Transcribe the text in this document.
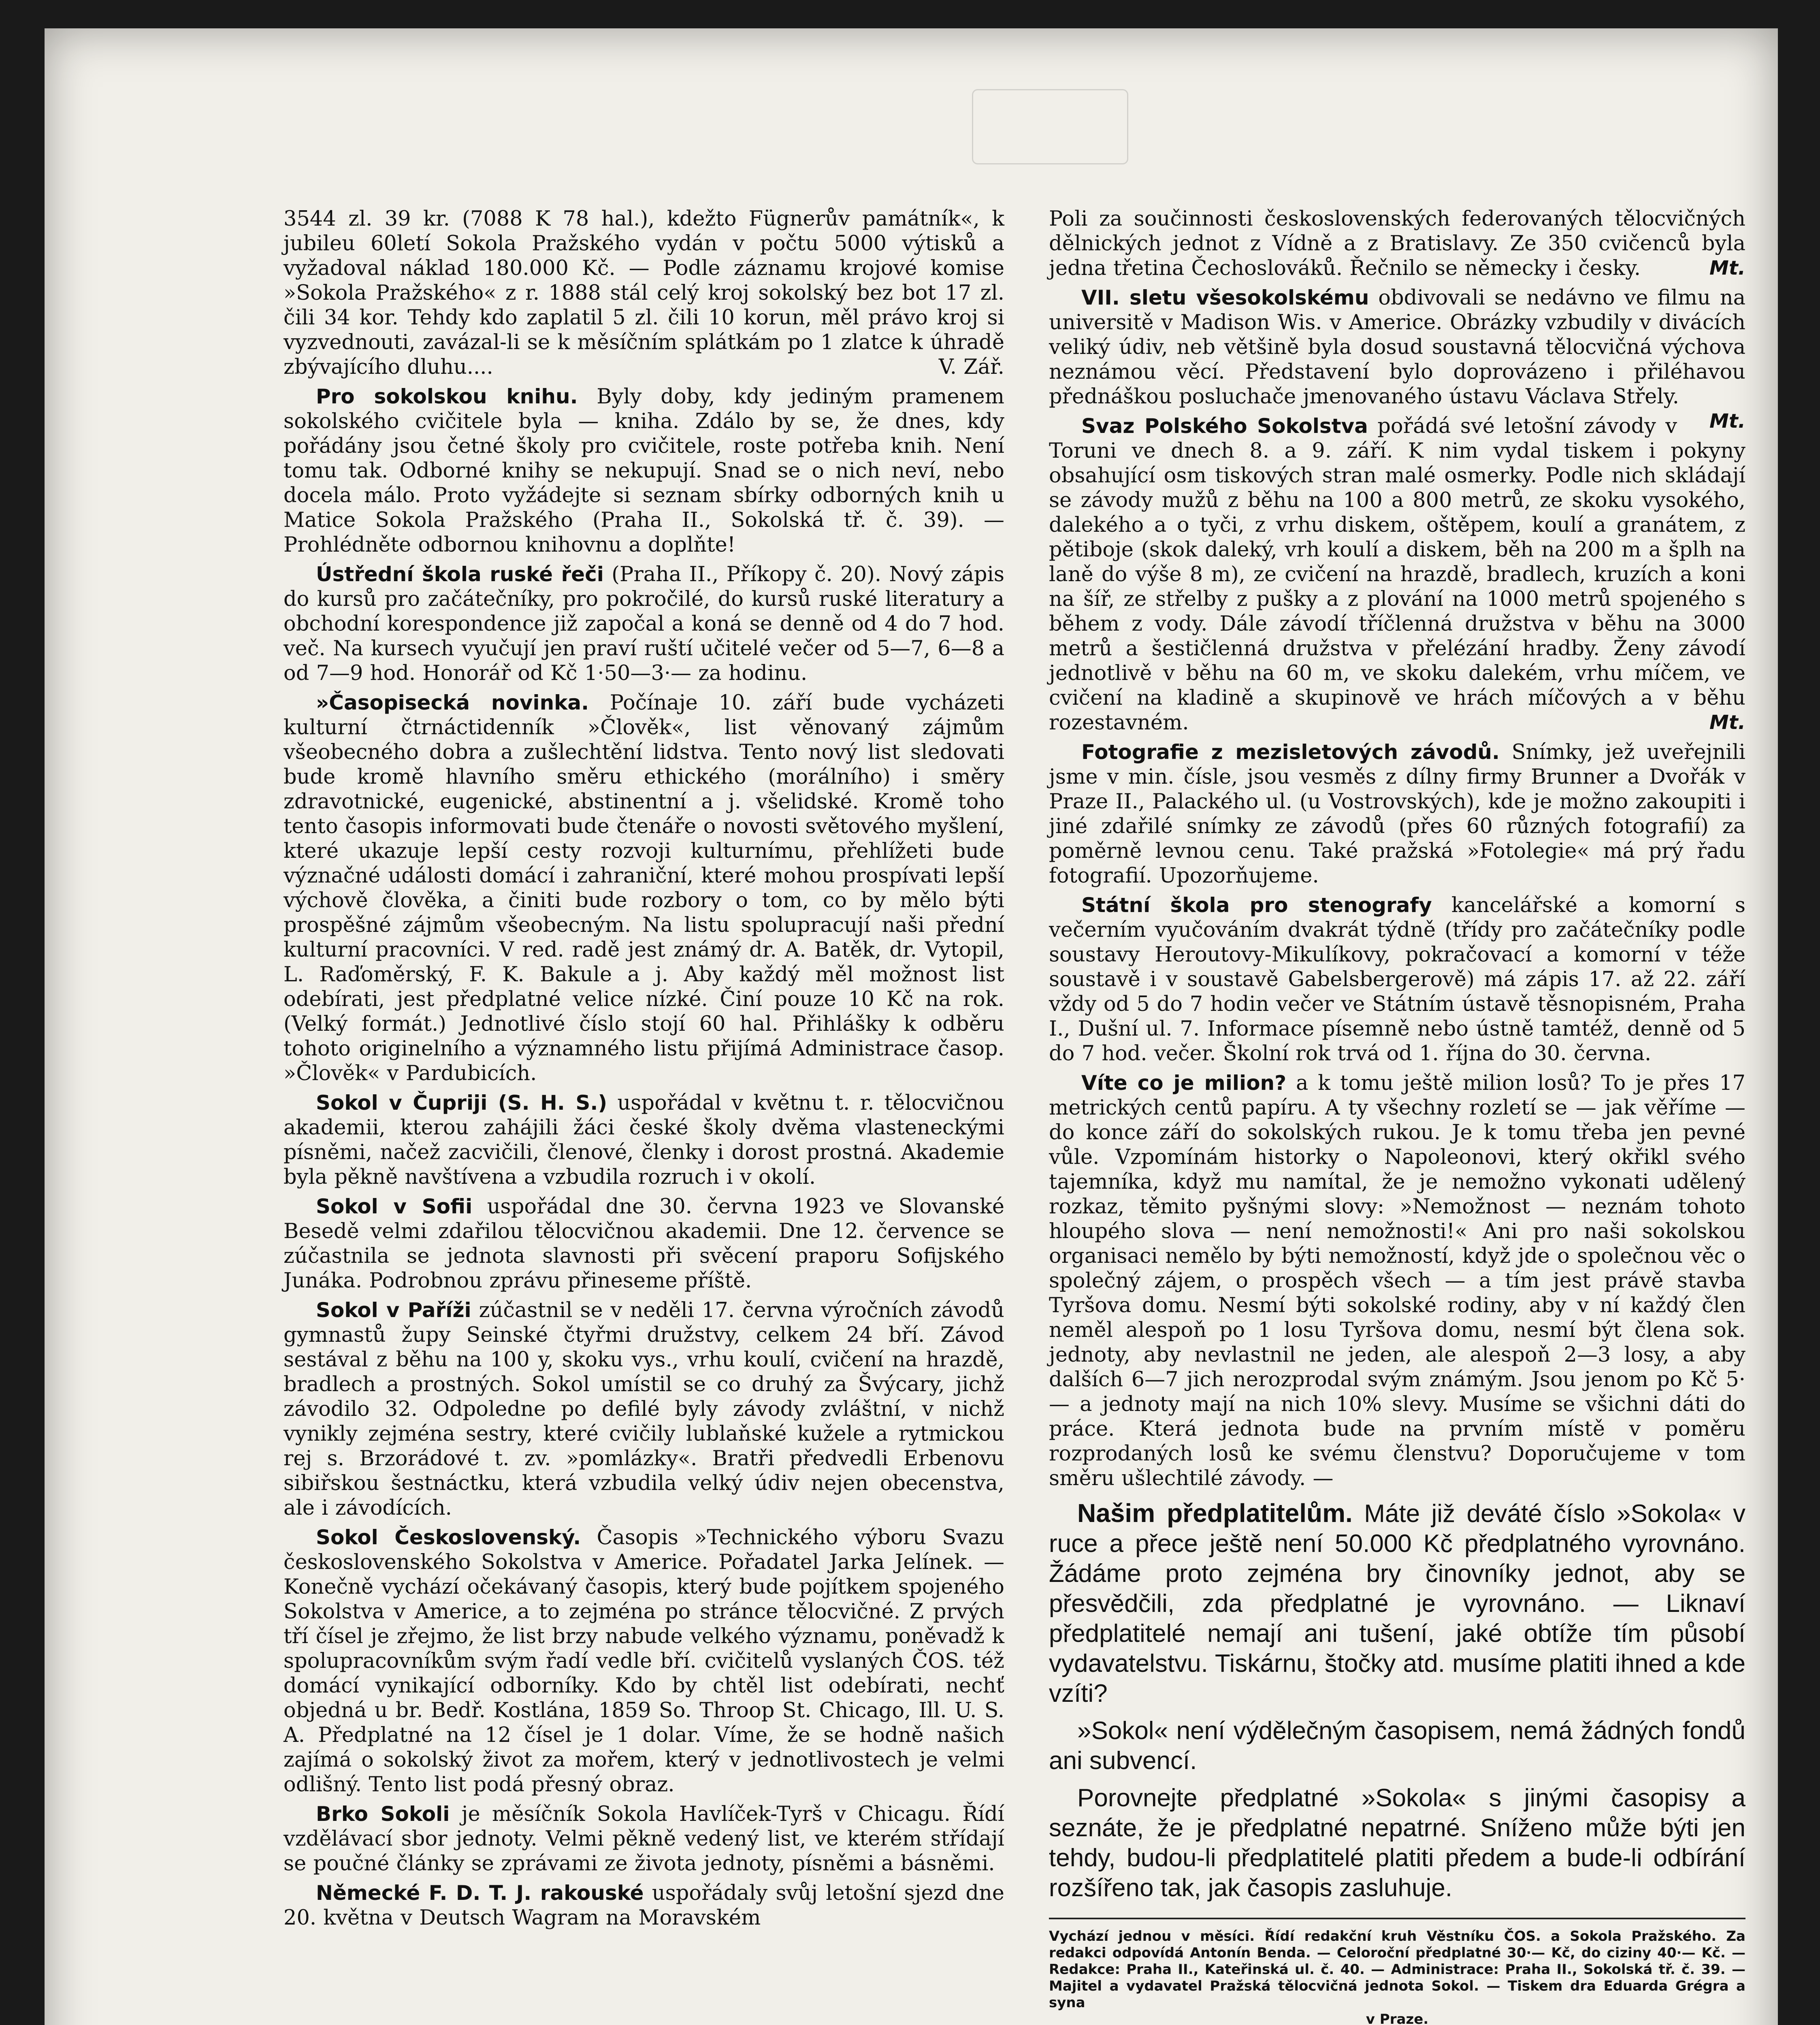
3544 zl. 39 kr. (7088 K 78 hal.), kdežto Fügnerův památník«, k jubileu 60letí Sokola Pražského vydán v počtu 5000 výtisků a vyžadoval náklad 180.000 Kč. — Podle záznamu krojové komise »Sokola Pražského« z r. 1888 stál celý kroj sokolský bez bot 17 zl. čili 34 kor. Tehdy kdo zaplatil 5 zl. čili 10 korun, měl právo kroj si vyzvednouti, zavázal-li se k měsíčním splátkám po 1 zlatce k úhradě zbývajícího dluhu....	V. Zář.

Pro sokolskou knihu. Byly doby, kdy jediným pramenem sokolského cvičitele byla — kniha. Zdálo by se, že dnes, kdy pořádány jsou četné školy pro cvičitele, roste potřeba knih. Není tomu tak. Odborné knihy se nekupují. Snad se o nich neví, nebo docela málo. Proto vyžádejte si seznam sbírky odborných knih u Matice Sokola Pražského (Praha II., Sokolská tř. č. 39). — Prohlédněte odbornou knihovnu a doplňte!

Ústřední škola ruské řeči (Praha II., Příkopy č. 20). Nový zápis do kursů pro začátečníky, pro pokročilé, do kursů ruské literatury a obchodní korespondence již započal a koná se denně od 4 do 7 hod. več. Na kursech vyučují jen praví ruští učitelé večer od 5—7, 6—8 a od 7—9 hod. Honorář od Kč 1·50—3·— za hodinu.

»Časopisecká novinka. Počínaje 10. září bude vycházeti kulturní čtrnáctidenník »Člověk«, list věnovaný zájmům všeobecného dobra a zušlechtění lidstva. Tento nový list sledovati bude kromě hlavního směru ethického (morálního) i směry zdravotnické, eugenické, abstinentní a j. všelidské. Kromě toho tento časopis informovati bude čtenáře o novosti světového myšlení, které ukazuje lepší cesty rozvoji kulturnímu, přehlížeti bude význačné události domácí i zahraniční, které mohou prospívati lepší výchově člověka, a činiti bude rozbory o tom, co by mělo býti prospěšné zájmům všeobecným. Na listu spolupracují naši přední kulturní pracovníci. V red. radě jest známý dr. A. Batěk, dr. Vytopil, L. Raďoměrský, F. K. Bakule a j. Aby každý měl možnost list odebírati, jest předplatné velice nízké. Činí pouze 10 Kč na rok. (Velký formát.) Jednotlivé číslo stojí 60 hal. Přihlášky k odběru tohoto originelního a významného listu přijímá Administrace časop. »Člověk« v Pardubicích.

Sokol v Čupriji (S. H. S.) uspořádal v květnu t. r. tělocvičnou akademii, kterou zahájili žáci české školy dvěma vlasteneckými písněmi, načež zacvičili, členové, členky i dorost prostná. Akademie byla pěkně navštívena a vzbudila rozruch i v okolí.

Sokol v Sofii uspořádal dne 30. června 1923 ve Slovanské Besedě velmi zdařilou tělocvičnou akademii. Dne 12. července se zúčastnila se jednota slavnosti při svěcení praporu Sofijského Junáka. Podrobnou zprávu přineseme příště.

Sokol v Paříži zúčastnil se v neděli 17. června výročních závodů gymnastů župy Seinské čtyřmi družstvy, celkem 24 bří. Závod sestával z běhu na 100 y, skoku vys., vrhu koulí, cvičení na hrazdě, bradlech a prostných. Sokol umístil se co druhý za Švýcary, jichž závodilo 32. Odpoledne po defilé byly závody zvláštní, v nichž vynikly zejména sestry, které cvičily lublaňské kužele a rytmickou rej s. Brzorádové t. zv. »pomlázky«. Bratři předvedli Erbenovu sibiřskou šestnáctku, která vzbudila velký údiv nejen obecenstva, ale i závodících.

Sokol Československý. Časopis »Technického výboru Svazu československého Sokolstva v Americe. Pořadatel Jarka Jelínek. — Konečně vychází očekávaný časopis, který bude pojítkem spojeného Sokolstva v Americe, a to zejména po stránce tělocvičné. Z prvých tří čísel je zřejmo, že list brzy nabude velkého významu, poněvadž k spolupracovníkům svým řadí vedle bří. cvičitelů vyslaných ČOS. též domácí vynikající odborníky. Kdo by chtěl list odebírati, nechť objedná u br. Bedř. Kostlána, 1859 So. Throop St. Chicago, Ill. U. S. A. Předplatné na 12 čísel je 1 dolar. Víme, že se hodně našich zajímá o sokolský život za mořem, který v jednotlivostech je velmi odlišný. Tento list podá přesný obraz.

Brko Sokoli je měsíčník Sokola Havlíček-Tyrš v Chicagu. Řídí vzdělávací sbor jednoty. Velmi pěkně vedený list, ve kterém střídají se poučné články se zprávami ze života jednoty, písněmi a básněmi.

Německé F. D. T. J. rakouské uspořádaly svůj letošní sjezd dne 20. května v Deutsch Wagram na Moravském

Poli za součinnosti československých federovaných tělocvičných dělnických jednot z Vídně a z Bratislavy. Ze 350 cvičenců byla jedna třetina Čechoslováků. Řečnilo se německy i česky.	Mt.

VII. sletu všesokolskému obdivovali se nedávno ve filmu na universitě v Madison Wis. v Americe. Obrázky vzbudily v divácích veliký údiv, neb většině byla dosud soustavná tělocvičná výchova neznámou věcí. Představení bylo doprovázeno i přiléhavou přednáškou posluchače jmenovaného ústavu Václava Střely.
Mt.

Svaz Polského Sokolstva pořádá své letošní závody v Toruni ve dnech 8. a 9. září. K nim vydal tiskem i pokyny obsahující osm tiskových stran malé osmerky. Podle nich skládají se závody mužů z běhu na 100 a 800 metrů, ze skoku vysokého, dalekého a o tyči, z vrhu diskem, oštěpem, koulí a granátem, z pětiboje (skok daleký, vrh koulí a diskem, běh na 200 m a šplh na laně do výše 8 m), ze cvičení na hrazdě, bradlech, kruzích a koni na šíř, ze střelby z pušky a z plování na 1000 metrů spojeného s během z vody. Dále závodí tříčlenná družstva v běhu na 3000 metrů a šestičlenná družstva v přelézání hradby. Ženy závodí jednotlivě v běhu na 60 m, ve skoku dalekém, vrhu míčem, ve cvičení na kladině a skupinově ve hrách míčových a v běhu rozestavném.	Mt.

Fotografie z mezisletových závodů. Snímky, jež uveřejnili jsme v min. čísle, jsou vesměs z dílny firmy Brunner a Dvořák v Praze II., Palackého ul. (u Vostrovských), kde je možno zakoupiti i jiné zdařilé snímky ze závodů (přes 60 různých fotografií) za poměrně levnou cenu. Také pražská »Fotolegie« má prý řadu fotografií. Upozorňujeme.

Státní škola pro stenografy kancelářské a komorní s večerním vyučováním dvakrát týdně (třídy pro začátečníky podle soustavy Heroutovy-Mikulíkovy, pokračovací a komorní v téže soustavě i v soustavě Gabelsbergerově) má zápis 17. až 22. září vždy od 5 do 7 hodin večer ve Státním ústavě těsnopisném, Praha I., Dušní ul. 7. Informace písemně nebo ústně tamtéž, denně od 5 do 7 hod. večer. Školní rok trvá od 1. října do 30. června.

Víte co je milion? a k tomu ještě milion losů? To je přes 17 metrických centů papíru. A ty všechny rozletí se — jak věříme — do konce září do sokolských rukou. Je k tomu třeba jen pevné vůle. Vzpomínám historky o Napoleonovi, který okřikl svého tajemníka, když mu namítal, že je nemožno vykonati udělený rozkaz, těmito pyšnými slovy: »Nemožnost — neznám tohoto hloupého slova — není nemožnosti!« Ani pro naši sokolskou organisaci nemělo by býti nemožností, když jde o společnou věc o společný zájem, o prospěch všech — a tím jest právě stavba Tyršova domu. Nesmí býti sokolské rodiny, aby v ní každý člen neměl alespoň po 1 losu Tyršova domu, nesmí být člena sok. jednoty, aby nevlastnil ne jeden, ale alespoň 2—3 losy, a aby dalších 6—7 jich nerozprodal svým známým. Jsou jenom po Kč 5·— a jednoty mají na nich 10% slevy. Musíme se všichni dáti do práce. Která jednota bude na prvním místě v poměru rozprodaných losů ke svému členstvu? Doporučujeme v tom směru ušlechtilé závody. —

Našim předplatitelům. Máte již deváté číslo »Sokola« v ruce a přece ještě není 50.000 Kč předplatného vyrovnáno. Žádáme proto zejména bry činovníky jednot, aby se přesvědčili, zda předplatné je vyrovnáno. — Liknaví předplatitelé nemají ani tušení, jaké obtíže tím působí vydavatelstvu. Tiskárnu, štočky atd. musíme platiti ihned a kde vzíti?

»Sokol« není výdělečným časopisem, nemá žádných fondů ani subvencí.

Porovnejte předplatné »Sokola« s jinými časopisy a seznáte, že je předplatné nepatrné. Sníženo může býti jen tehdy, budou-li předplatitelé platiti předem a bude-li odbírání rozšířeno tak, jak časopis zasluhuje.

Vychází jednou v měsíci. Řídí redakční kruh Věstníku ČOS. a Sokola Pražského. Za redakci odpovídá Antonín Benda. — Celoroční předplatné 30·— Kč, do ciziny 40·— Kč. — Redakce: Praha II., Kateřinská ul. č. 40. — Administrace: Praha II., Sokolská tř. č. 39. — Majitel a vydavatel Pražská tělocvičná jednota Sokol. — Tiskem dra Eduarda Grégra a syna

v Praze.
